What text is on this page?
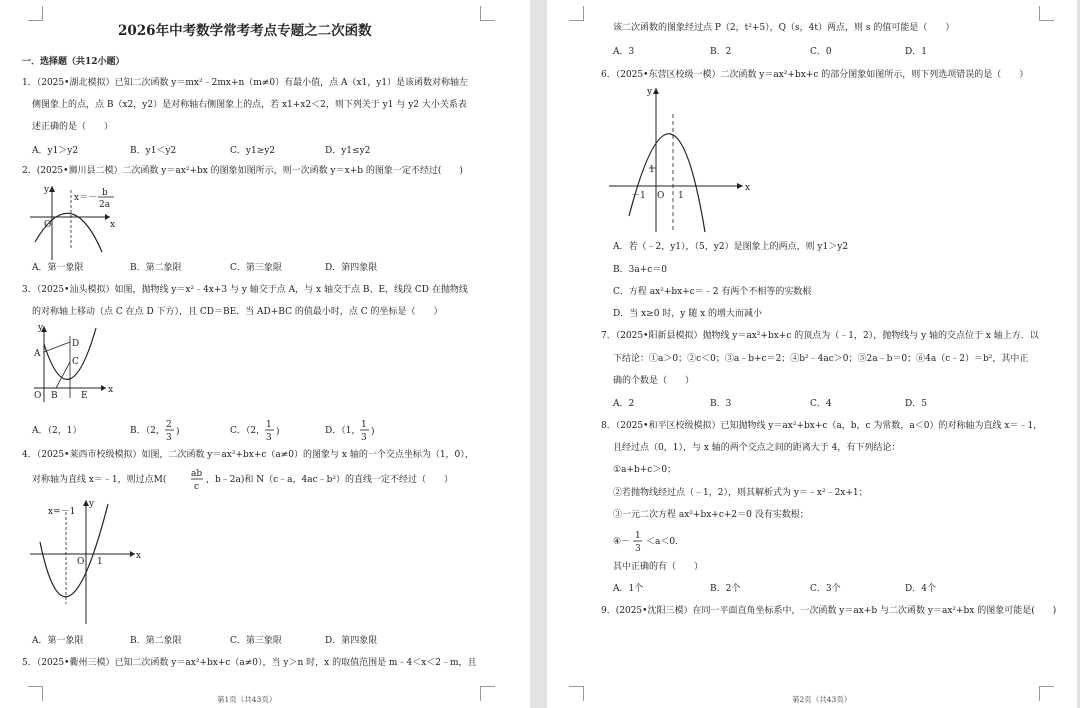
2026年中考数学常考考点专题之二次函数
一．选择题（共12小题）
1．（2025•湖北模拟）已知二次函数 y＝mx²﹣2mx+n（m≠0）有最小值，点 A（x1，y1）是该函数对称轴左
侧图象上的点，点 B（x2，y2）是对称轴右侧图象上的点，若 x1+x2＜2，则下列关于 y1 与 y2 大小关系表
述正确的是（　　）
A．y1＞y2	B．y1＜y2	C．y1≥y2	D．y1≤y2
2．(2025•浉川县二模）二次函数 y＝ax²+bx 的图象如图所示，则一次函数 y＝x+b 的图象一定不经过(　　)
y
x
O
x＝－ b
2a
A．第一象限	B．第二象限	C．第三象限	D．第四象限
3．（2025•汕头模拟）如图，抛物线 y＝x²﹣4x+3 与 y 轴交于点 A，与 x 轴交于点 B、E，线段 CD 在抛物线
的对称轴上移动（点 C 在点 D 下方），且 CD＝BE．当 AD+BC 的值最小时，点 C 的坐标是（　　）
y
x
A
D
C
O B	E
A．（2，1）	B．（2，
2
3
)	C．（2，
1
3
)	D．（1，
1
3
)
4．（2025•莱西市校级模拟）如图，二次函数 y＝ax²+bx+c（a≠0）的图象与 x 轴的一个交点坐标为（1，0），
对称轴为直线 x＝﹣1，则过点M(
ab
c
，b﹣2a)和 N（c﹣a，4ac﹣b²）的直线一定不经过（　　）
x=－1
y
x
O 1
A．第一象限	B．第二象限	C．第三象限	D．第四象限
5．（2025•衢州三模）已知二次函数 y＝ax²+bx+c（a≠0），当 y＞n 时，x 的取值范围是 m﹣4＜x＜2﹣m，且
第1页（共43页）
该二次函数的图象经过点 P（2，t²+5），Q（s，4t）两点，则 s 的值可能是（　　）
A．3	B．2	C．0	D．1
6．（2025•东营区校级一模）二次函数 y＝ax²+bx+c 的部分图象如图所示，则下列选项错误的是（　　）
y
x
1
－1 O 1
A．若（﹣2，y1），（5，y2）是图象上的两点，则 y1＞y2
B．3a+c＝0
C．方程 ax²+bx+c＝﹣2 有两个不相等的实数根
D．当 x≥0 时，y 随 x 的增大而减小
7．（2025•阳新县模拟）抛物线 y＝ax²+bx+c 的顶点为（﹣1，2），抛物线与 y 轴的交点位于 x 轴上方．以
下结论：①a＞0；②c＜0；③a﹣b+c＝2；④b²﹣4ac＞0；⑤2a﹣b＝0；⑥4a（c﹣2）＝b²，其中正
确的个数是（　　）
A．2	B．3	C．4	D．5
8．（2025•和平区校级模拟）已知抛物线 y＝ax²+bx+c（a，b，c 为常数，a＜0）的对称轴为直线 x＝﹣1，
且经过点（0，1），与 x 轴的两个交点之间的距离大于 4，有下列结论：
①a+b+c＞0；
②若抛物线经过点（﹣1，2），则其解析式为 y＝﹣x²﹣2x+1；
③一元二次方程 ax²+bx+c+2＝0 没有实数根；
④－
1
3
＜a＜0．
其中正确的有（　　）
A．1个	B．2个	C．3个	D．4个
9．(2025•沈阳三模）在同一平面直角坐标系中，一次函数 y＝ax+b 与二次函数 y＝ax²+bx 的图象可能是(　　)
第2页（共43页）
